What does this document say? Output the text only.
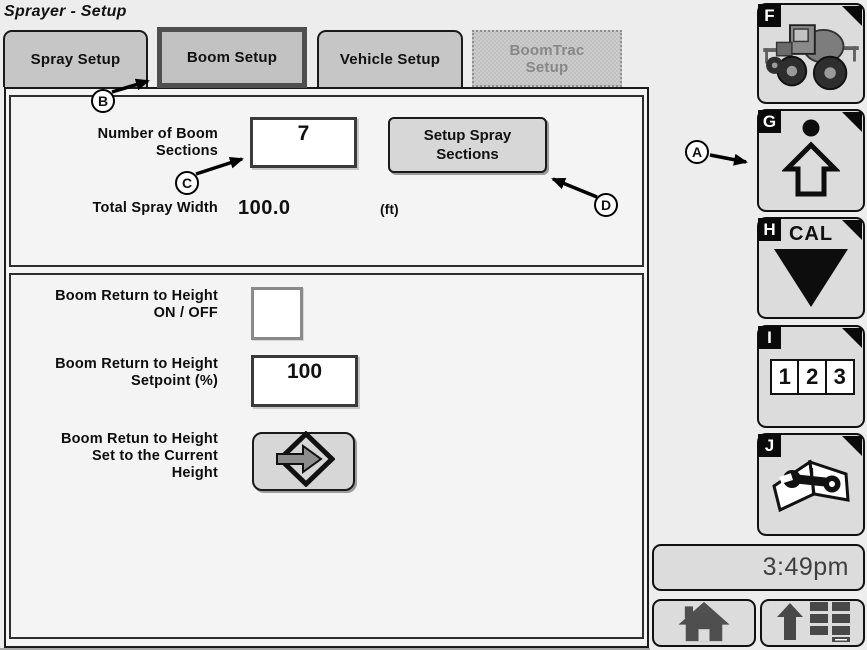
Sprayer - Setup
Spray Setup	Boom Setup	Vehicle Setup
BoomTrac
Setup
Number of Boom
Sections
7	Setup Spray
Sections
Total Spray Width 100.0	(ft)
Boom Return to Height
ON / OFF
Boom Return to Height
Setpoint (%)	100
Boom Retun to Height
Set to the Current
Height
A
B
C
D
F
G
H CAL
I
1 2 3
J
3:49pm
